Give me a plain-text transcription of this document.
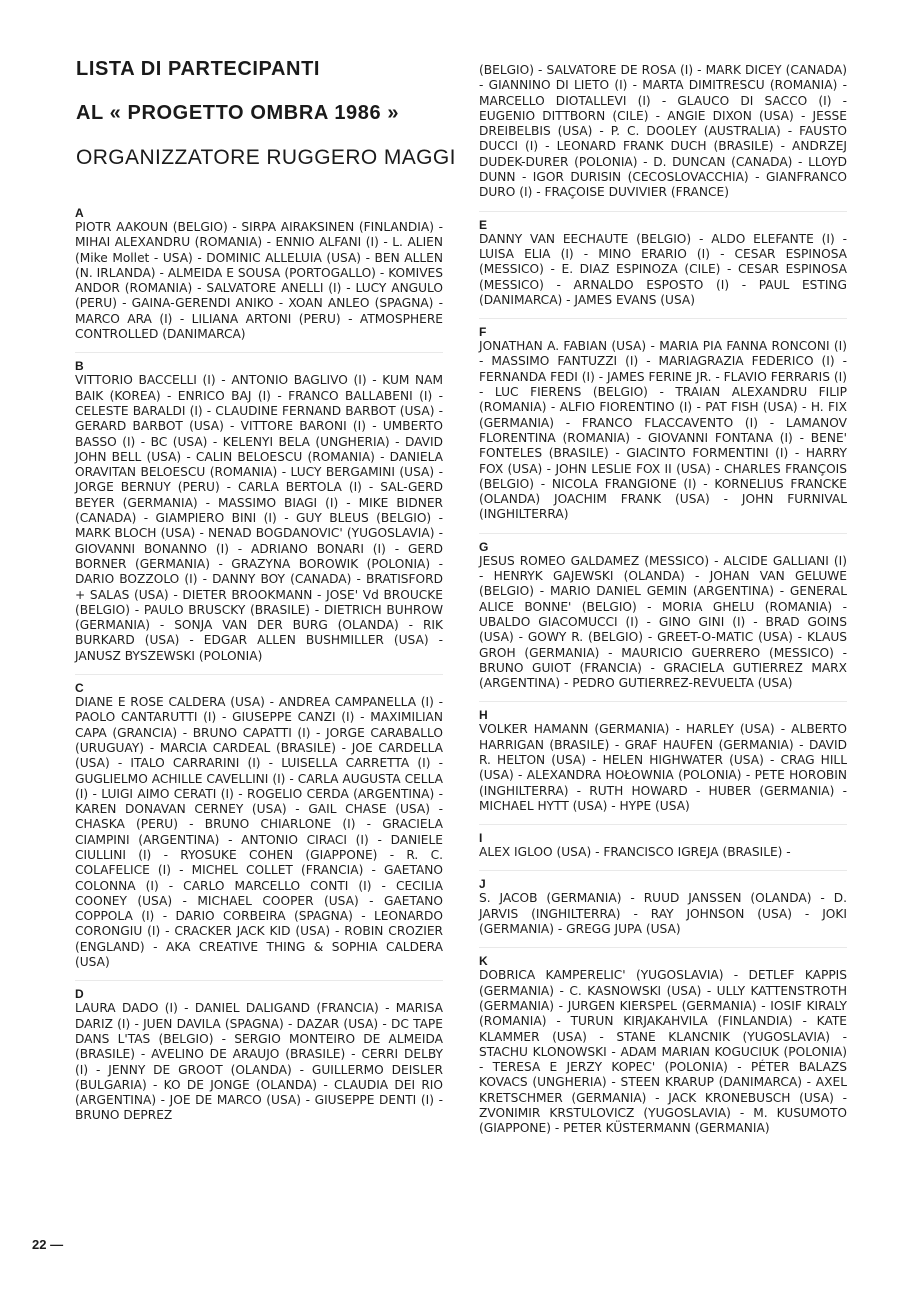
LISTA DI PARTECIPANTI
AL « PROGETTO OMBRA 1986 »
ORGANIZZATORE RUGGERO MAGGI

A

PIOTR AAKOUN (BELGIO) - SIRPA AIRAKSINEN (FINLANDIA) - MIHAI ALEXANDRU (ROMANIA) - ENNIO ALFANI (I) - L. ALIEN (Mike Mollet - USA) - DOMINIC ALLELUIA (USA) - BEN ALLEN (N. IRLANDA) - ALMEIDA E SOUSA (PORTOGALLO) - KOMIVES ANDOR (ROMANIA) - SALVATORE ANELLI (I) - LUCY ANGULO (PERU) - GAINA-GERENDI ANIKO - XOAN ANLEO (SPAGNA) - MARCO ARA (I) - LILIANA ARTONI (PERU) - ATMOSPHERE CONTROLLED (DANIMARCA)

B

VITTORIO BACCELLI (I) - ANTONIO BAGLIVO (I) - KUM NAM BAIK (KOREA) - ENRICO BAJ (I) - FRANCO BALLABENI (I) - CELESTE BARALDI (I) - CLAUDINE FERNAND BARBOT (USA) - GERARD BARBOT (USA) - VITTORE BARONI (I) - UMBERTO BASSO (I) - BC (USA) - KELENYI BELA (UNGHERIA) - DAVID JOHN BELL (USA) - CALIN BELOESCU (ROMANIA) - DANIELA ORAVITAN BELOESCU (ROMANIA) - LUCY BERGAMINI (USA) - JORGE BERNUY (PERU) - CARLA BERTOLA (I) - SAL-GERD BEYER (GERMANIA) - MASSIMO BIAGI (I) - MIKE BIDNER (CANADA) - GIAMPIERO BINI (I) - GUY BLEUS (BELGIO) - MARK BLOCH (USA) - NENAD BOGDANOVIC' (YUGOSLAVIA) - GIOVANNI BONANNO (I) - ADRIANO BONARI (I) - GERD BORNER (GERMANIA) - GRAZYNA BOROWIK (POLONIA) - DARIO BOZZOLO (I) - DANNY BOY (CANADA) - BRATISFORD + SALAS (USA) - DIETER BROOKMANN - JOSE' Vd BROUCKE (BELGIO) - PAULO BRUSCKY (BRASILE) - DIETRICH BUHROW (GERMANIA) - SONJA VAN DER BURG (OLANDA) - RIK BURKARD (USA) - EDGAR ALLEN BUSHMILLER (USA) - JANUSZ BYSZEWSKI (POLONIA)

C

DIANE E ROSE CALDERA (USA) - ANDREA CAMPANELLA (I) - PAOLO CANTARUTTI (I) - GIUSEPPE CANZI (I) - MAXIMILIAN CAPA (GRANCIA) - BRUNO CAPATTI (I) - JORGE CARABALLO (URUGUAY) - MARCIA CARDEAL (BRASILE) - JOE CARDELLA (USA) - ITALO CARRARINI (I) - LUISELLA CARRETTA (I) - GUGLIELMO ACHILLE CAVELLINI (I) - CARLA AUGUSTA CELLA (I) - LUIGI AIMO CERATI (I) - ROGELIO CERDA (ARGENTINA) - KAREN DONAVAN CERNEY (USA) - GAIL CHASE (USA) - CHASKA (PERU) - BRUNO CHIARLONE (I) - GRACIELA CIAMPINI (ARGENTINA) - ANTONIO CIRACI (I) - DANIELE CIULLINI (I) - RYOSUKE COHEN (GIAPPONE) - R. C. COLAFELICE (I) - MICHEL COLLET (FRANCIA) - GAETANO COLONNA (I) - CARLO MARCELLO CONTI (I) - CECILIA COONEY (USA) - MICHAEL COOPER (USA) - GAETANO COPPOLA (I) - DARIO CORBEIRA (SPAGNA) - LEONARDO CORONGIU (I) - CRACKER JACK KID (USA) - ROBIN CROZIER (ENGLAND) - AKA CREATIVE THING & SOPHIA CALDERA (USA)

D

LAURA DADO (I) - DANIEL DALIGAND (FRANCIA) - MARISA DARIZ (I) - JUEN DAVILA (SPAGNA) - DAZAR (USA) - DC TAPE DANS L'TAS (BELGIO) - SERGIO MONTEIRO DE ALMEIDA (BRASILE) - AVELINO DE ARAUJO (BRASILE) - CERRI DELBY (I) - JENNY DE GROOT (OLANDA) - GUILLERMO DEISLER (BULGARIA) - KO DE JONGE (OLANDA) - CLAUDIA DEI RIO (ARGENTINA) - JOE DE MARCO (USA) - GIUSEPPE DENTI (I) - BRUNO DEPREZ

(BELGIO) - SALVATORE DE ROSA (I) - MARK DICEY (CANADA) - GIANNINO DI LIETO (I) - MARTA DIMITRESCU (ROMANIA) - MARCELLO DIOTALLEVI (I) - GLAUCO DI SACCO (I) - EUGENIO DITTBORN (CILE) - ANGIE DIXON (USA) - JESSE DREIBELBIS (USA) - P. C. DOOLEY (AUSTRALIA) - FAUSTO DUCCI (I) - LEONARD FRANK DUCH (BRASILE) - ANDRZEJ DUDEK-DURER (POLONIA) - D. DUNCAN (CANADA) - LLOYD DUNN - IGOR DURISIN (CECOSLOVACCHIA) - GIANFRANCO DURO (I) - FRAÇOISE DUVIVIER (FRANCE)

E

DANNY VAN EECHAUTE (BELGIO) - ALDO ELEFANTE (I) - LUISA ELIA (I) - MINO ERARIO (I) - CESAR ESPINOSA (MESSICO) - E. DIAZ ESPINOZA (CILE) - CESAR ESPINOSA (MESSICO) - ARNALDO ESPOSTO (I) - PAUL ESTING (DANIMARCA) - JAMES EVANS (USA)

F

JONATHAN A. FABIAN (USA) - MARIA PIA FANNA RONCONI (I) - MASSIMO FANTUZZI (I) - MARIAGRAZIA FEDERICO (I) - FERNANDA FEDI (I) - JAMES FERINE JR. - FLAVIO FERRARIS (I) - LUC FIERENS (BELGIO) - TRAIAN ALEXANDRU FILIP (ROMANIA) - ALFIO FIORENTINO (I) - PAT FISH (USA) - H. FIX (GERMANIA) - FRANCO FLACCAVENTO (I) - LAMANOV FLORENTINA (ROMANIA) - GIOVANNI FONTANA (I) - BENE' FONTELES (BRASILE) - GIACINTO FORMENTINI (I) - HARRY FOX (USA) - JOHN LESLIE FOX II (USA) - CHARLES FRANÇOIS (BELGIO) - NICOLA FRANGIONE (I) - KORNELIUS FRANCKE (OLANDA) JOACHIM FRANK (USA) - JOHN FURNIVAL (INGHILTERRA)

G

JESUS ROMEO GALDAMEZ (MESSICO) - ALCIDE GALLIANI (I) - HENRYK GAJEWSKI (OLANDA) - JOHAN VAN GELUWE (BELGIO) - MARIO DANIEL GEMIN (ARGENTINA) - GENERAL ALICE BONNE' (BELGIO) - MORIA GHELU (ROMANIA) - UBALDO GIACOMUCCI (I) - GINO GINI (I) - BRAD GOINS (USA) - GOWY R. (BELGIO) - GREET-O-MATIC (USA) - KLAUS GROH (GERMANIA) - MAURICIO GUERRERO (MESSICO) - BRUNO GUIOT (FRANCIA) - GRACIELA GUTIERREZ MARX (ARGENTINA) - PEDRO GUTIERREZ-REVUELTA (USA)

H

VOLKER HAMANN (GERMANIA) - HARLEY (USA) - ALBERTO HARRIGAN (BRASILE) - GRAF HAUFEN (GERMANIA) - DAVID R. HELTON (USA) - HELEN HIGHWATER (USA) - CRAG HILL (USA) - ALEXANDRA HOŁOWNIA (POLONIA) - PETE HOROBIN (INGHILTERRA) - RUTH HOWARD - HUBER (GERMANIA) - MICHAEL HYTT (USA) - HYPE (USA)

I

ALEX IGLOO (USA) - FRANCISCO IGREJA (BRASILE) -

J

S. JACOB (GERMANIA) - RUUD JANSSEN (OLANDA) - D. JARVIS (INGHILTERRA) - RAY JOHNSON (USA) - JOKI (GERMANIA) - GREGG JUPA (USA)

K

DOBRICA KAMPERELIC' (YUGOSLAVIA) - DETLEF KAPPIS (GERMANIA) - C. KASNOWSKI (USA) - ULLY KATTENSTROTH (GERMANIA) - JURGEN KIERSPEL (GERMANIA) - IOSIF KIRALY (ROMANIA) - TURUN KIRJAKAHVILA (FINLANDIA) - KATE KLAMMER (USA) - STANE KLANCNIK (YUGOSLAVIA) - STACHU KLONOWSKI - ADAM MARIAN KOGUCIUK (POLONIA) - TERESA E JERZY KOPEC' (POLONIA) - PÉTER BALAZS KOVACS (UNGHERIA) - STEEN KRARUP (DANIMARCA) - AXEL KRETSCHMER (GERMANIA) - JACK KRONEBUSCH (USA) - ZVONIMIR KRSTULOVICZ (YUGOSLAVIA) - M. KUSUMOTO (GIAPPONE) - PETER KÜSTERMANN (GERMANIA)

22 —
